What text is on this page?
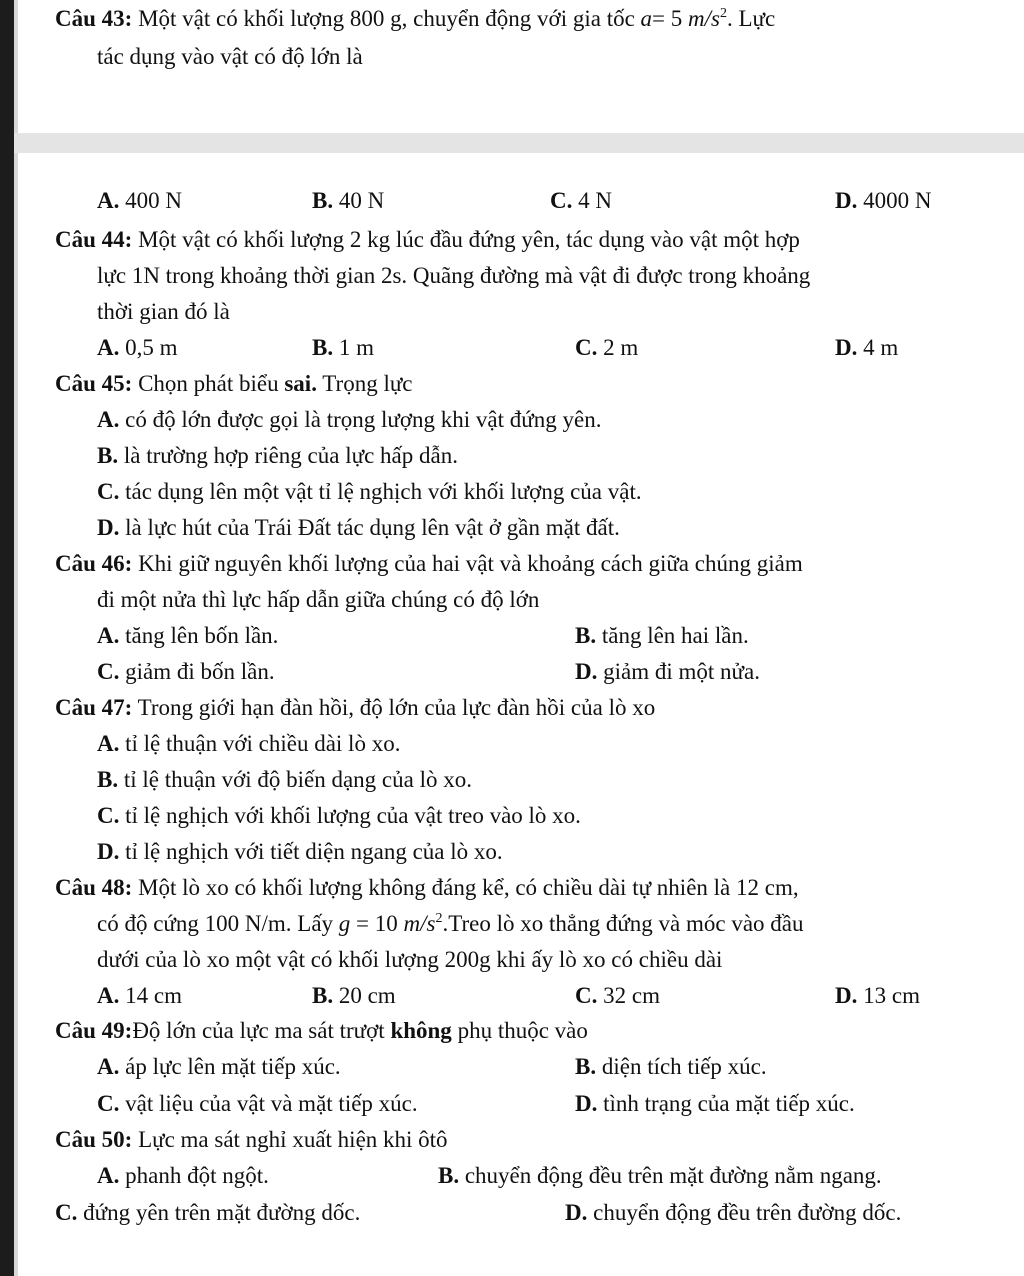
Câu 43: Một vật có khối lượng 800 g, chuyển động với gia tốc a= 5 $m/s^2$. Lực
tác dụng vào vật có độ lớn là
A. 400 N	B. 40 N	C. 4 N	D. 4000 N
Câu 44: Một vật có khối lượng 2 kg lúc đầu đứng yên, tác dụng vào vật một hợp
lực 1N trong khoảng thời gian 2s. Quãng đường mà vật đi được trong khoảng
thời gian đó là
A. 0,5 m	B. 1 m	C. 2 m	D. 4 m
Câu 45: Chọn phát biểu sai. Trọng lực
A. có độ lớn được gọi là trọng lượng khi vật đứng yên.
B. là trường hợp riêng của lực hấp dẫn.
C. tác dụng lên một vật tỉ lệ nghịch với khối lượng của vật.
D. là lực hút của Trái Đất tác dụng lên vật ở gần mặt đất.
Câu 46: Khi giữ nguyên khối lượng của hai vật và khoảng cách giữa chúng giảm
đi một nửa thì lực hấp dẫn giữa chúng có độ lớn
A. tăng lên bốn lần.	B. tăng lên hai lần.
C. giảm đi bốn lần.	D. giảm đi một nửa.
Câu 47: Trong giới hạn đàn hồi, độ lớn của lực đàn hồi của lò xo
A. tỉ lệ thuận với chiều dài lò xo.
B. tỉ lệ thuận với độ biến dạng của lò xo.
C. tỉ lệ nghịch với khối lượng của vật treo vào lò xo.
D. tỉ lệ nghịch với tiết diện ngang của lò xo.
Câu 48: Một lò xo có khối lượng không đáng kể, có chiều dài tự nhiên là 12 cm,
có độ cứng 100 N/m. Lấy g = 10 $m/s^2.Treo$ lò xo thẳng đứng và móc vào đầu
dưới của lò xo một vật có khối lượng 200g khi ấy lò xo có chiều dài
A. 14 cm	B. 20 cm	C. 32 cm	D. 13 cm
Câu 49:Độ lớn của lực ma sát trượt không phụ thuộc vào
A. áp lực lên mặt tiếp xúc.	B. diện tích tiếp xúc.
C. vật liệu của vật và mặt tiếp xúc.	D. tình trạng của mặt tiếp xúc.
Câu 50: Lực ma sát nghỉ xuất hiện khi ôtô
A. phanh đột ngột.	B. chuyển động đều trên mặt đường nằm ngang.
C. đứng yên trên mặt đường dốc.	D. chuyển động đều trên đường dốc.
